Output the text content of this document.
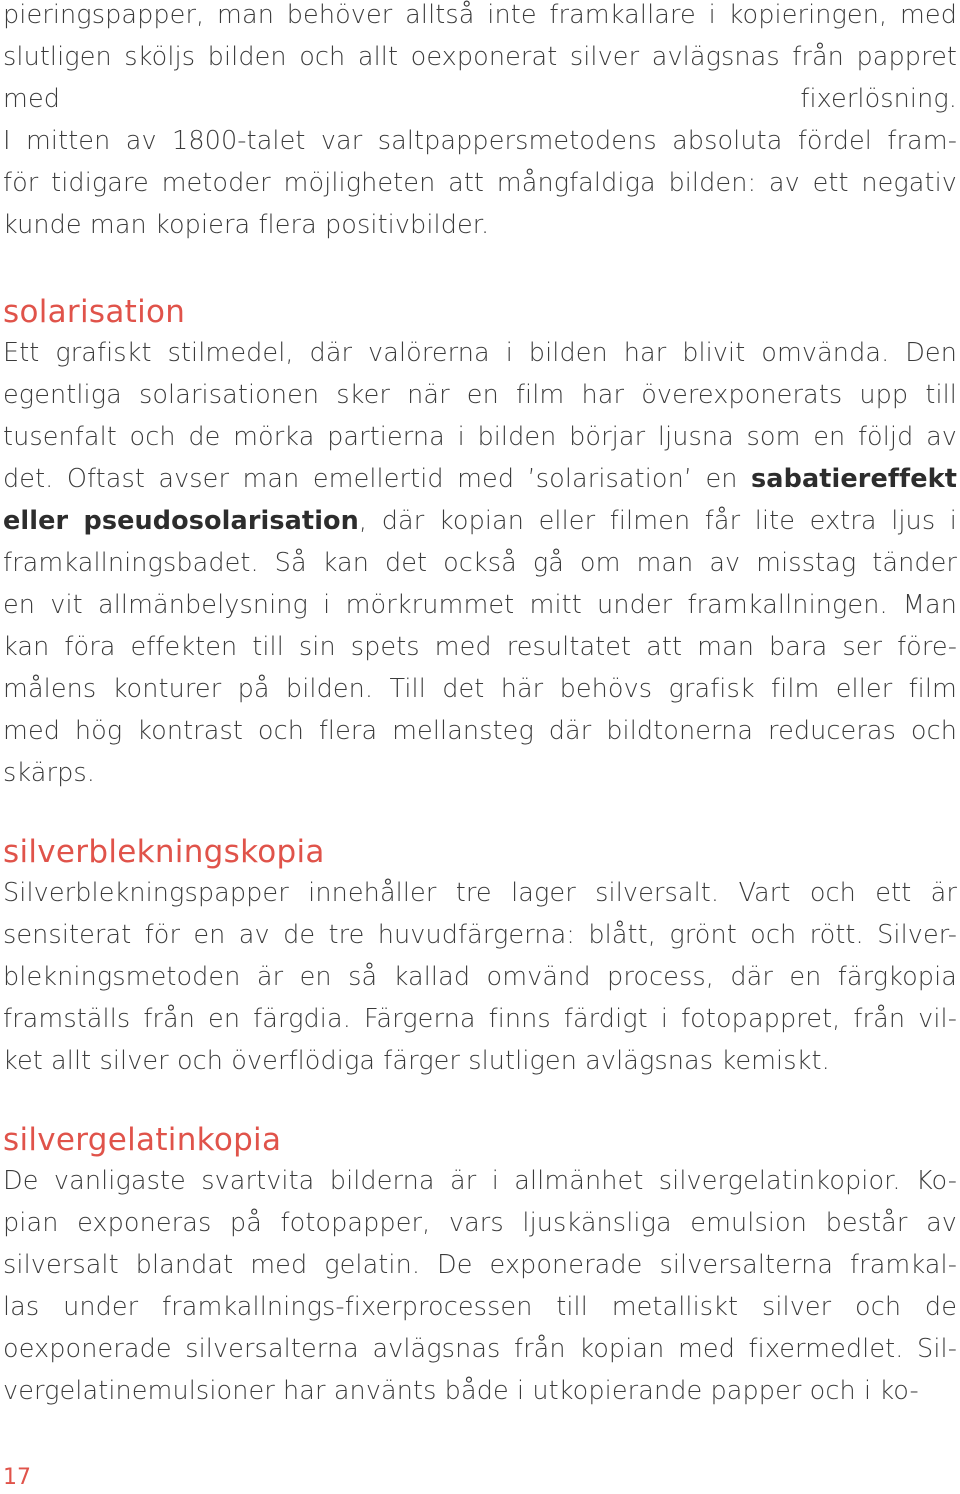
pieringspapper, man behöver alltså inte framkallare i kopieringen, med slutligen sköljs bilden och allt oexponerat silver avlägsnas från pappret med fixerlösning. I mitten av 1800-talet var saltpappersmetodens absoluta fördel fram- för tidigare metoder möjligheten att mångfaldiga bilden: av ett negativ kunde man kopiera flera positivbilder.
solarisation
Ett grafiskt stilmedel, där valörerna i bilden har blivit omvända. Den egentliga solarisationen sker när en film har överexponerats upp till tusenfalt och de mörka partierna i bilden börjar ljusna som en följd av det. Oftast avser man emellertid med ’solarisation’ en sabatiereffekt eller pseudosolarisation, där kopian eller filmen får lite extra ljus i framkallningsbadet. Så kan det också gå om man av misstag tänder en vit allmänbelysning i mörkrummet mitt under framkallningen. Man kan föra effekten till sin spets med resultatet att man bara ser före- målens konturer på bilden. Till det här behövs grafisk film eller film med hög kontrast och flera mellansteg där bildtonerna reduceras och skärps.
silverblekningskopia
Silverblekningspapper innehåller tre lager silversalt. Vart och ett är sensiterat för en av de tre huvudfärgerna: blått, grönt och rött. Silver- blekningsmetoden är en så kallad omvänd process, där en färgkopia framställs från en färgdia. Färgerna finns färdigt i fotopappret, från vil- ket allt silver och överflödiga färger slutligen avlägsnas kemiskt.
silvergelatinkopia
De vanligaste svartvita bilderna är i allmänhet silvergelatinkopior. Ko- pian exponeras på fotopapper, vars ljuskänsliga emulsion består av silversalt blandat med gelatin. De exponerade silversalterna framkal- las under framkallnings-fixerprocessen till metalliskt silver och de oexponerade silversalterna avlägsnas från kopian med fixermedlet. Sil- vergelatinemulsioner har använts både i utkopierande papper och i ko-
17
